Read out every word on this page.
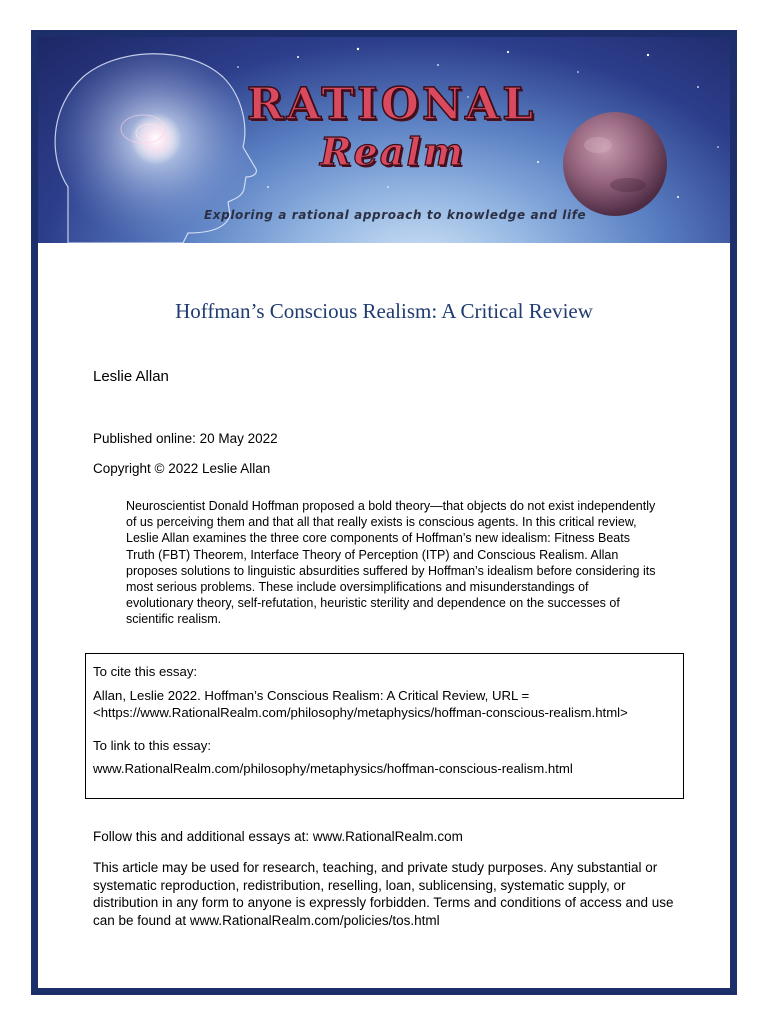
RATIONAL
Realm
Exploring a rational approach to knowledge and life
Hoffman’s Conscious Realism: A Critical Review
Leslie Allan
Published online: 20 May 2022
Copyright © 2022 Leslie Allan
Neuroscientist Donald Hoffman proposed a bold theory—that objects do not exist independently of us perceiving them and that all that really exists is conscious agents. In this critical review, Leslie Allan examines the three core components of Hoffman’s new idealism: Fitness Beats Truth (FBT) Theorem, Interface Theory of Perception (ITP) and Conscious Realism. Allan proposes solutions to linguistic absurdities suffered by Hoffman’s idealism before considering its most serious problems. These include oversimplifications and misunderstandings of evolutionary theory, self-refutation, heuristic sterility and dependence on the successes of scientific realism.

To cite this essay:

Allan, Leslie 2022. Hoffman’s Conscious Realism: A Critical Review, URL =
<https://www.RationalRealm.com/philosophy/metaphysics/hoffman-conscious-realism.html>

To link to this essay:

www.RationalRealm.com/philosophy/metaphysics/hoffman-conscious-realism.html

Follow this and additional essays at: www.RationalRealm.com
This article may be used for research, teaching, and private study purposes. Any substantial or systematic reproduction, redistribution, reselling, loan, sublicensing, systematic supply, or distribution in any form to anyone is expressly forbidden. Terms and conditions of access and use can be found at www.RationalRealm.com/policies/tos.html
